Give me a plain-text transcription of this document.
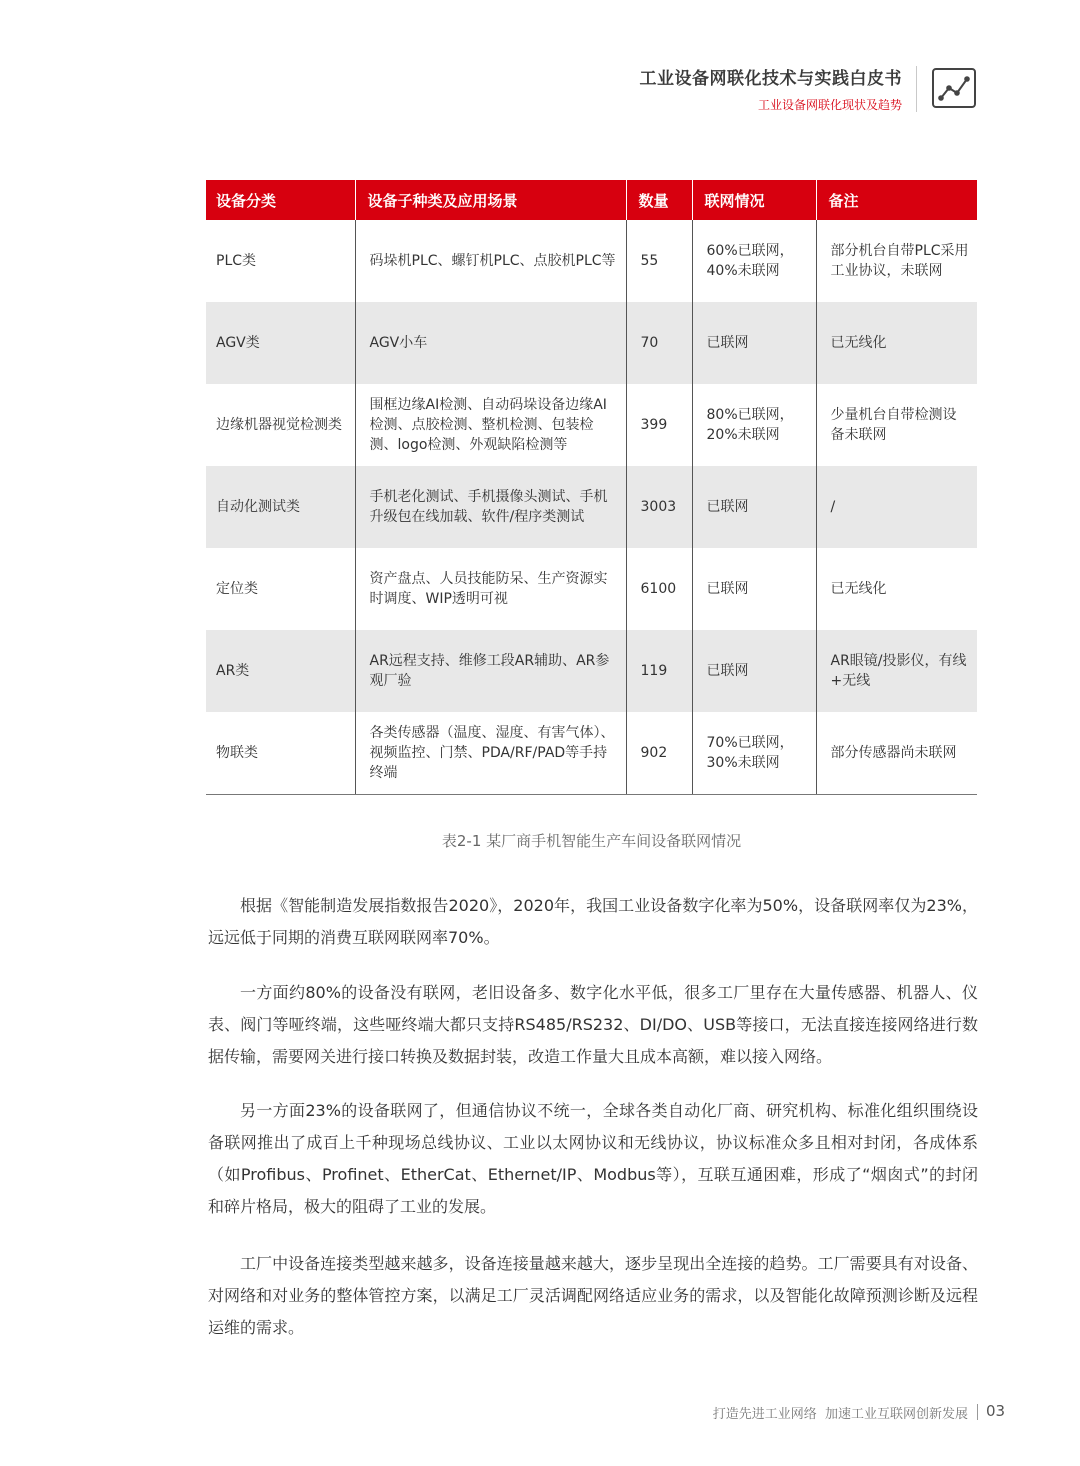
工业设备网联化技术与实践白皮书
工业设备网联化现状及趋势
设备分类	设备子种类及应用场景	数量	联网情况	备注
PLC类	码垛机PLC、螺钉机PLC、点胶机PLC等	55	60%已联网，40%未联网	部分机台自带PLC采用工业协议，未联网
AGV类	AGV小车	70	已联网	已无线化
边缘机器视觉检测类	围框边缘AI检测、自动码垛设备边缘AI检测、点胶检测、整机检测、包装检测、logo检测、外观缺陷检测等	399	80%已联网，20%未联网	少量机台自带检测设备未联网
自动化测试类	手机老化测试、手机摄像头测试、手机升级包在线加载、软件/程序类测试	3003	已联网	/
定位类	资产盘点、人员技能防呆、生产资源实时调度、WIP透明可视	6100	已联网	已无线化
AR类	AR远程支持、维修工段AR辅助、AR参观厂验	119	已联网	AR眼镜/投影仪，有线+无线
物联类	各类传感器（温度、湿度、有害气体）、视频监控、门禁、PDA/RF/PAD等手持终端	902	70%已联网，30%未联网	部分传感器尚未联网
表2-1 某厂商手机智能生产车间设备联网情况

根据《智能制造发展指数报告2020》，2020年，我国工业设备数字化率为50%，设备联网率仅为23%，远远低于同期的消费互联网联网率70%。

一方面约80%的设备没有联网，老旧设备多、数字化水平低，很多工厂里存在大量传感器、机器人、仪表、阀门等哑终端，这些哑终端大都只支持RS485/RS232、DI/DO、USB等接口，无法直接连接网络进行数据传输，需要网关进行接口转换及数据封装，改造工作量大且成本高额，难以接入网络。

另一方面23%的设备联网了，但通信协议不统一，全球各类自动化厂商、研究机构、标准化组织围绕设备联网推出了成百上千种现场总线协议、工业以太网协议和无线协议，协议标准众多且相对封闭，各成体系（如Profibus、Profinet、EtherCat、Ethernet/IP、Modbus等），互联互通困难，形成了“烟囱式”的封闭和碎片格局，极大的阻碍了工业的发展。

工厂中设备连接类型越来越多，设备连接量越来越大，逐步呈现出全连接的趋势。工厂需要具有对设备、对网络和对业务的整体管控方案，以满足工厂灵活调配网络适应业务的需求，以及智能化故障预测诊断及远程运维的需求。

打造先进工业网络  加速工业互联网创新发展 03
